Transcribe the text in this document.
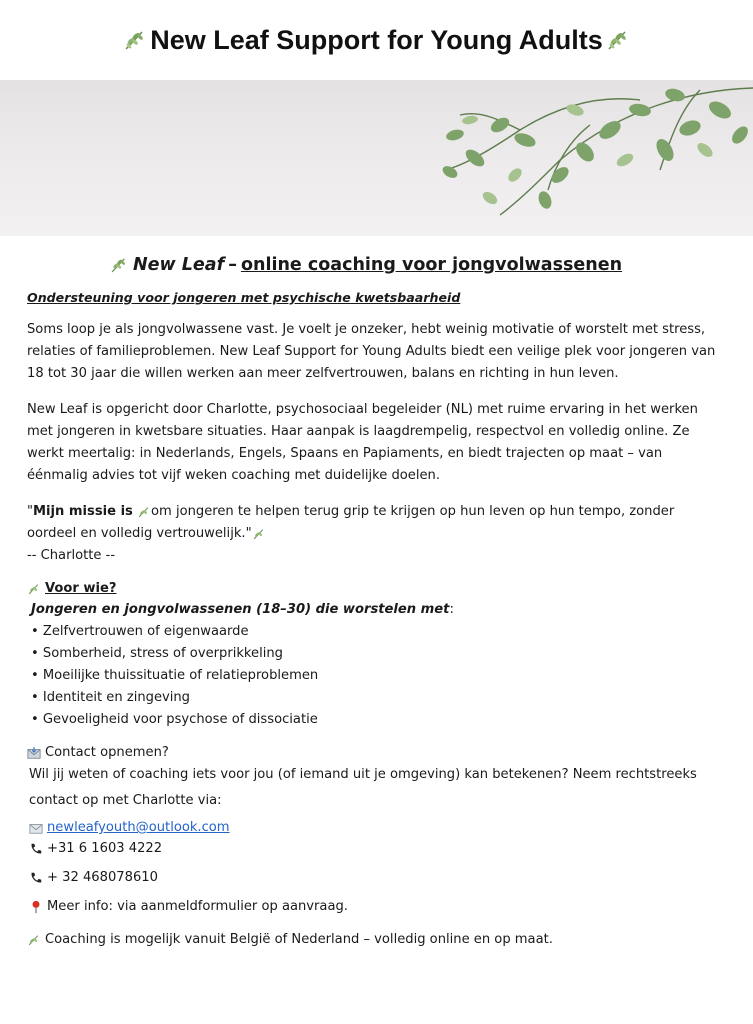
New Leaf Support for Young Adults
New Leaf – online coaching voor jongvolwassenen
Ondersteuning voor jongeren met psychische kwetsbaarheid

Soms loop je als jongvolwassene vast. Je voelt je onzeker, hebt weinig motivatie of worstelt met stress, relaties of familieproblemen. New Leaf Support for Young Adults biedt een veilige plek voor jongeren van 18 tot 30 jaar die willen werken aan meer zelfvertrouwen, balans en richting in hun leven.

New Leaf is opgericht door Charlotte, psychosociaal begeleider (NL) met ruime ervaring in het werken met jongeren in kwetsbare situaties. Haar aanpak is laagdrempelig, respectvol en volledig online. Ze werkt meertalig: in Nederlands, Engels, Spaans en Papiaments, en biedt trajecten op maat – van éénmalig advies tot vijf weken coaching met duidelijke doelen.

"Mijn missie is om jongeren te helpen terug grip te krijgen op hun leven op hun tempo, zonder oordeel en volledig vertrouwelijk."
-- Charlotte --
Voor wie?
Jongeren en jongvolwassenen (18–30) die worstelen met:
• Zelfvertrouwen of eigenwaarde
• Somberheid, stress of overprikkeling
• Moeilijke thuissituatie of relatieproblemen
• Identiteit en zingeving
• Gevoeligheid voor psychose of dissociatie
Contact opnemen?
Wil jij weten of coaching iets voor jou (of iemand uit je omgeving) kan betekenen? Neem rechtstreeks contact op met Charlotte via:
newleafyouth@outlook.com
+31 6 1603 4222
+ 32 468078610
Meer info: via aanmeldformulier op aanvraag.
Coaching is mogelijk vanuit België of Nederland – volledig online en op maat.
